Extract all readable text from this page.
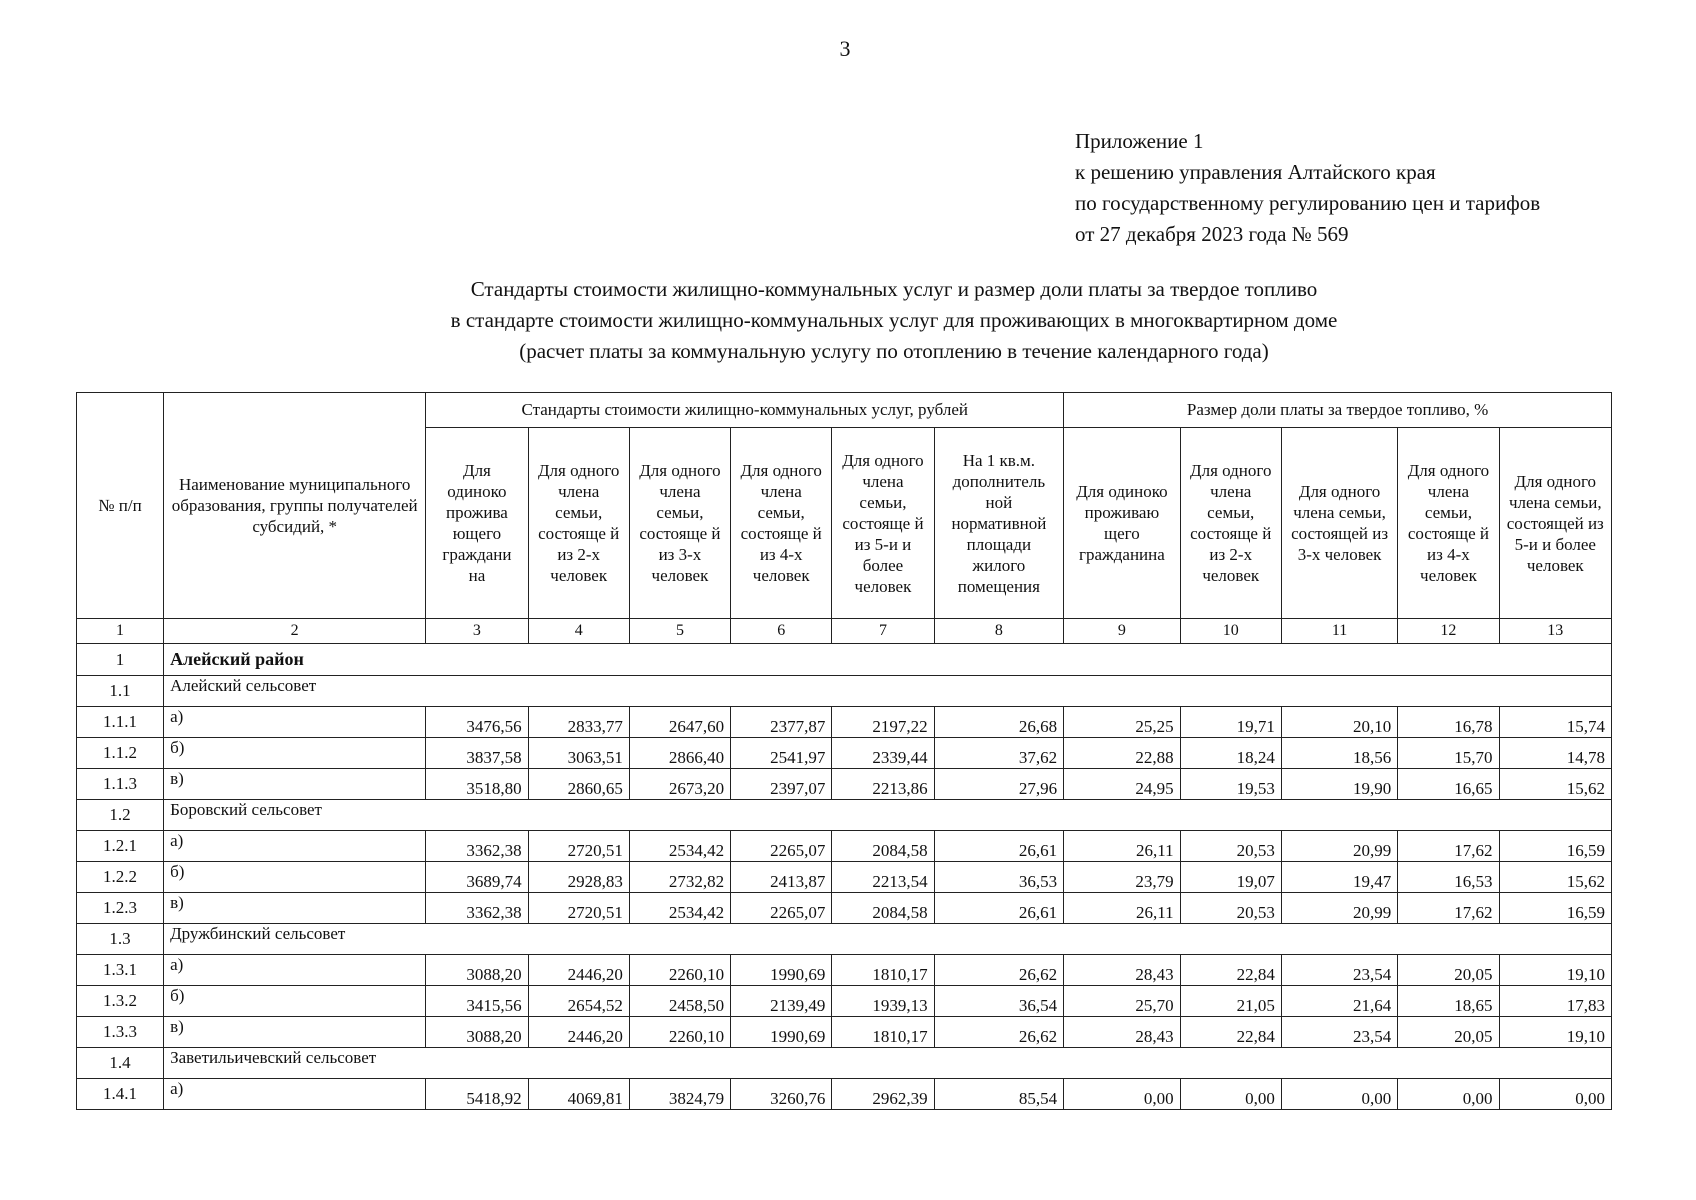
3
Приложение 1
к решению управления Алтайского края
по государственному регулированию цен и тарифов
от 27 декабря 2023 года № 569
Стандарты стоимости жилищно-коммунальных услуг и размер доли платы за твердое топливо
в стандарте стоимости жилищно-коммунальных услуг для проживающих в многоквартирном доме
(расчет платы за коммунальную услугу по отоплению в течение календарного года)
№ п/п	Наименование муниципального образования, группы получателей субсидий, *	Стандарты стоимости жилищно-коммунальных услуг, рублей						Размер доли платы за твердое топливо, %				
		Для одиноко прожива ющего граждани на	Для одного члена семьи, состояще й из 2-х человек	Для одного члена семьи, состояще й из 3-х человек	Для одного члена семьи, состояще й из 4-х человек	Для одного члена семьи, состояще й из 5-и и более человек	На 1 кв.м. дополнитель ной нормативной площади жилого помещения	Для одиноко проживаю щего гражданина	Для одного члена семьи, состояще й из 2-х человек	Для одного члена семьи, состоящей из 3-х человек	Для одного члена семьи, состояще й из 4-х человек	Для одного члена семьи, состоящей из 5-и и более человек
1	2	3	4	5	6	7	8	9	10	11	12	13
1	Алейский район											
1.1	Алейский сельсовет											
1.1.1	а)	3476,56	2833,77	2647,60	2377,87	2197,22	26,68	25,25	19,71	20,10	16,78	15,74
1.1.2	б)	3837,58	3063,51	2866,40	2541,97	2339,44	37,62	22,88	18,24	18,56	15,70	14,78
1.1.3	в)	3518,80	2860,65	2673,20	2397,07	2213,86	27,96	24,95	19,53	19,90	16,65	15,62
1.2	Боровский сельсовет											
1.2.1	а)	3362,38	2720,51	2534,42	2265,07	2084,58	26,61	26,11	20,53	20,99	17,62	16,59
1.2.2	б)	3689,74	2928,83	2732,82	2413,87	2213,54	36,53	23,79	19,07	19,47	16,53	15,62
1.2.3	в)	3362,38	2720,51	2534,42	2265,07	2084,58	26,61	26,11	20,53	20,99	17,62	16,59
1.3	Дружбинский сельсовет											
1.3.1	а)	3088,20	2446,20	2260,10	1990,69	1810,17	26,62	28,43	22,84	23,54	20,05	19,10
1.3.2	б)	3415,56	2654,52	2458,50	2139,49	1939,13	36,54	25,70	21,05	21,64	18,65	17,83
1.3.3	в)	3088,20	2446,20	2260,10	1990,69	1810,17	26,62	28,43	22,84	23,54	20,05	19,10
1.4	Заветильичевский сельсовет											
1.4.1	а)	5418,92	4069,81	3824,79	3260,76	2962,39	85,54	0,00	0,00	0,00	0,00	0,00
